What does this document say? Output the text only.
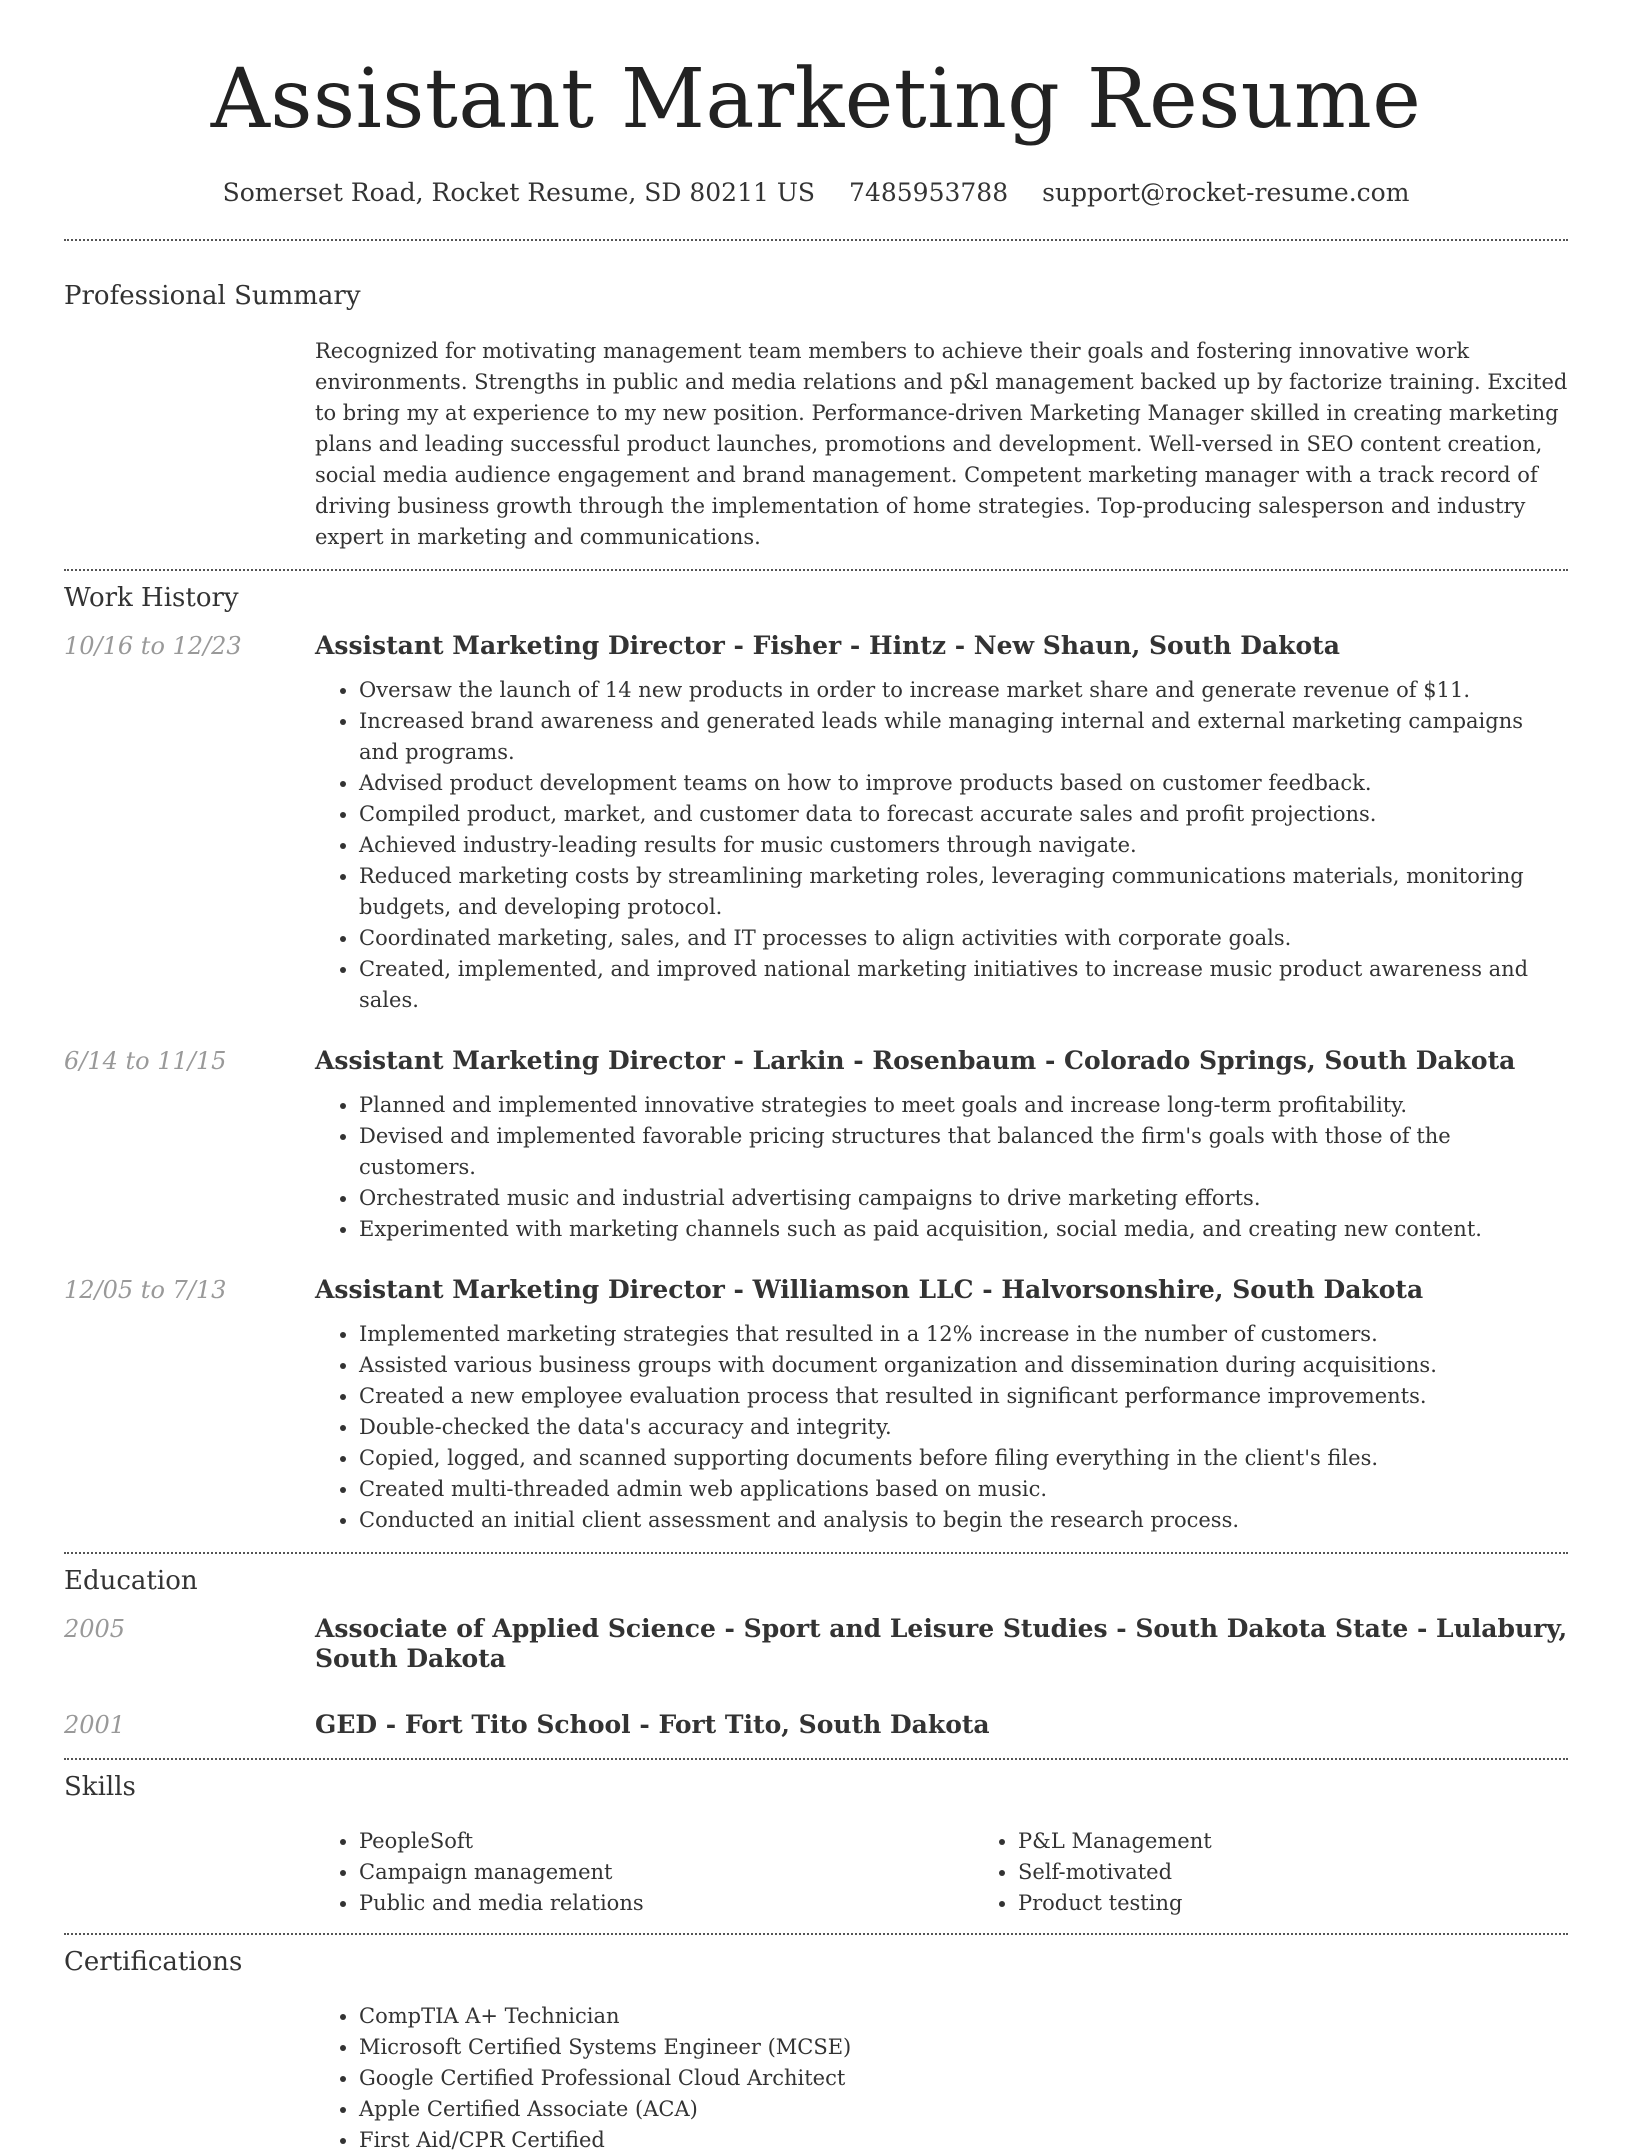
Assistant Marketing Resume
Somerset Road, Rocket Resume, SD 80211 US 7485953788 support@rocket-resume.com
Professional Summary

Recognized for motivating management team members to achieve their goals and fostering innovative work environments. Strengths in public and media relations and p&l management backed up by factorize training. Excited to bring my at experience to my new position. Performance-driven Marketing Manager skilled in creating marketing plans and leading successful product launches, promotions and development. Well-versed in SEO content creation, social media audience engagement and brand management. Competent marketing manager with a track record of driving business growth through the implementation of home strategies. Top-producing salesperson and industry expert in marketing and communications.

Work History
10/16 to 12/23	Assistant Marketing Director - Fisher - Hintz - New Shaun, South Dakota
• Oversaw the launch of 14 new products in order to increase market share and generate revenue of $11.
• Increased brand awareness and generated leads while managing internal and external marketing campaigns and programs.
• Advised product development teams on how to improve products based on customer feedback.
• Compiled product, market, and customer data to forecast accurate sales and profit projections.
• Achieved industry-leading results for music customers through navigate.
• Reduced marketing costs by streamlining marketing roles, leveraging communications materials, monitoring budgets, and developing protocol.
• Coordinated marketing, sales, and IT processes to align activities with corporate goals.
• Created, implemented, and improved national marketing initiatives to increase music product awareness and sales.
6/14 to 11/15	Assistant Marketing Director - Larkin - Rosenbaum - Colorado Springs, South Dakota
• Planned and implemented innovative strategies to meet goals and increase long-term profitability.
• Devised and implemented favorable pricing structures that balanced the firm's goals with those of the customers.
• Orchestrated music and industrial advertising campaigns to drive marketing efforts.
• Experimented with marketing channels such as paid acquisition, social media, and creating new content.
12/05 to 7/13	Assistant Marketing Director - Williamson LLC - Halvorsonshire, South Dakota
• Implemented marketing strategies that resulted in a 12% increase in the number of customers.
• Assisted various business groups with document organization and dissemination during acquisitions.
• Created a new employee evaluation process that resulted in significant performance improvements.
• Double-checked the data's accuracy and integrity.
• Copied, logged, and scanned supporting documents before filing everything in the client's files.
• Created multi-threaded admin web applications based on music.
• Conducted an initial client assessment and analysis to begin the research process.
Education
2005	Associate of Applied Science - Sport and Leisure Studies - South Dakota State - Lulabury, South Dakota
2001	GED - Fort Tito School - Fort Tito, South Dakota
Skills
• PeopleSoft
• Campaign management
• Public and media relations
• P&L Management
• Self-motivated
• Product testing
Certifications
• CompTIA A+ Technician
• Microsoft Certified Systems Engineer (MCSE)
• Google Certified Professional Cloud Architect
• Apple Certified Associate (ACA)
• First Aid/CPR Certified
